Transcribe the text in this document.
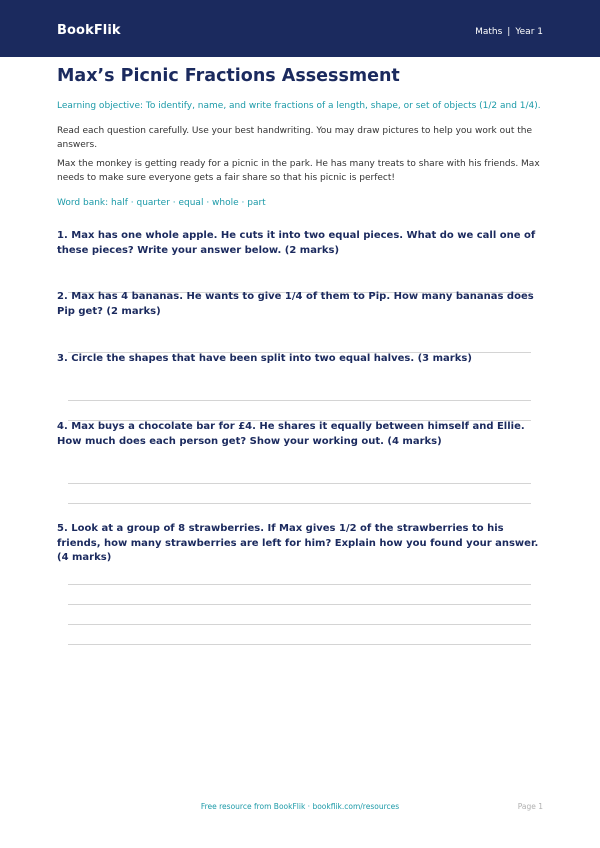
BookFlik	Maths | Year 1
Max’s Picnic Fractions Assessment
Learning objective: To identify, name, and write fractions of a length, shape, or set of objects (1/2 and 1/4).
Read each question carefully. Use your best handwriting. You may draw pictures to help you work out the answers.
Max the monkey is getting ready for a picnic in the park. He has many treats to share with his friends. Max needs to make sure everyone gets a fair share so that his picnic is perfect!
Word bank: half · quarter · equal · whole · part
1. Max has one whole apple. He cuts it into two equal pieces. What do we call one of these pieces? Write your answer below. (2 marks)
2. Max has 4 bananas. He wants to give 1/4 of them to Pip. How many bananas does Pip get? (2 marks)
3. Circle the shapes that have been split into two equal halves. (3 marks)
4. Max buys a chocolate bar for £4. He shares it equally between himself and Ellie. How much does each person get? Show your working out. (4 marks)
5. Look at a group of 8 strawberries. If Max gives 1/2 of the strawberries to his friends, how many strawberries are left for him? Explain how you found your answer. (4 marks)
Free resource from BookFlik · bookflik.com/resources	Page 1
